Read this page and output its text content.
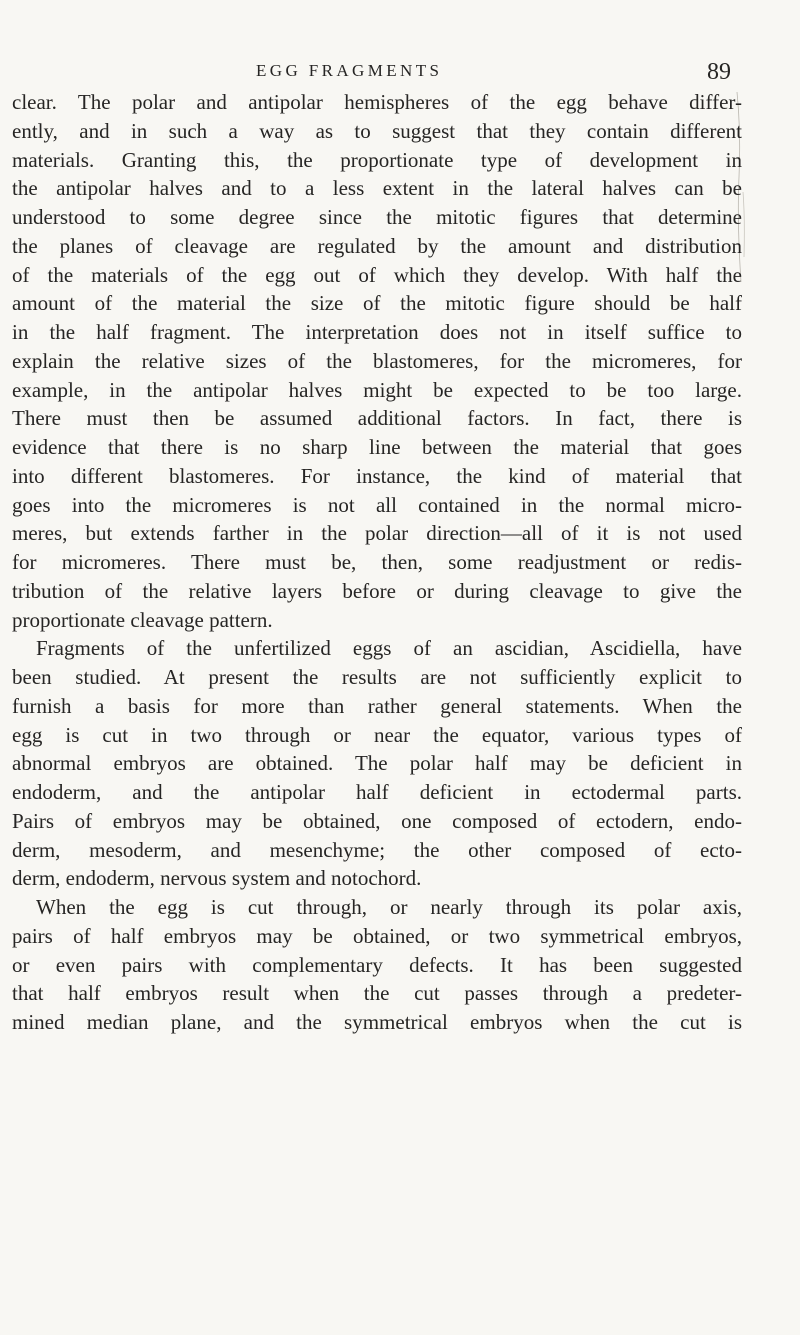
EGG FRAGMENTS	89
clear. The polar and antipolar hemispheres of the egg behave differ-
ently, and in such a way as to suggest that they contain different
materials. Granting this, the proportionate type of development in
the antipolar halves and to a less extent in the lateral halves can be
understood to some degree since the mitotic figures that determine
the planes of cleavage are regulated by the amount and distribution
of the materials of the egg out of which they develop. With half the
amount of the material the size of the mitotic figure should be half
in the half fragment. The interpretation does not in itself suffice to
explain the relative sizes of the blastomeres, for the micromeres, for
example, in the antipolar halves might be expected to be too large.
There must then be assumed additional factors. In fact, there is
evidence that there is no sharp line between the material that goes
into different blastomeres. For instance, the kind of material that
goes into the micromeres is not all contained in the normal micro-
meres, but extends farther in the polar direction—all of it is not used
for micromeres. There must be, then, some readjustment or redis-
tribution of the relative layers before or during cleavage to give the
proportionate cleavage pattern.
Fragments of the unfertilized eggs of an ascidian, Ascidiella, have
been studied. At present the results are not sufficiently explicit to
furnish a basis for more than rather general statements. When the
egg is cut in two through or near the equator, various types of
abnormal embryos are obtained. The polar half may be deficient in
endoderm, and the antipolar half deficient in ectodermal parts.
Pairs of embryos may be obtained, one composed of ectodern, endo-
derm, mesoderm, and mesenchyme; the other composed of ecto-
derm, endoderm, nervous system and notochord.
When the egg is cut through, or nearly through its polar axis,
pairs of half embryos may be obtained, or two symmetrical embryos,
or even pairs with complementary defects. It has been suggested
that half embryos result when the cut passes through a predeter-
mined median plane, and the symmetrical embryos when the cut is
